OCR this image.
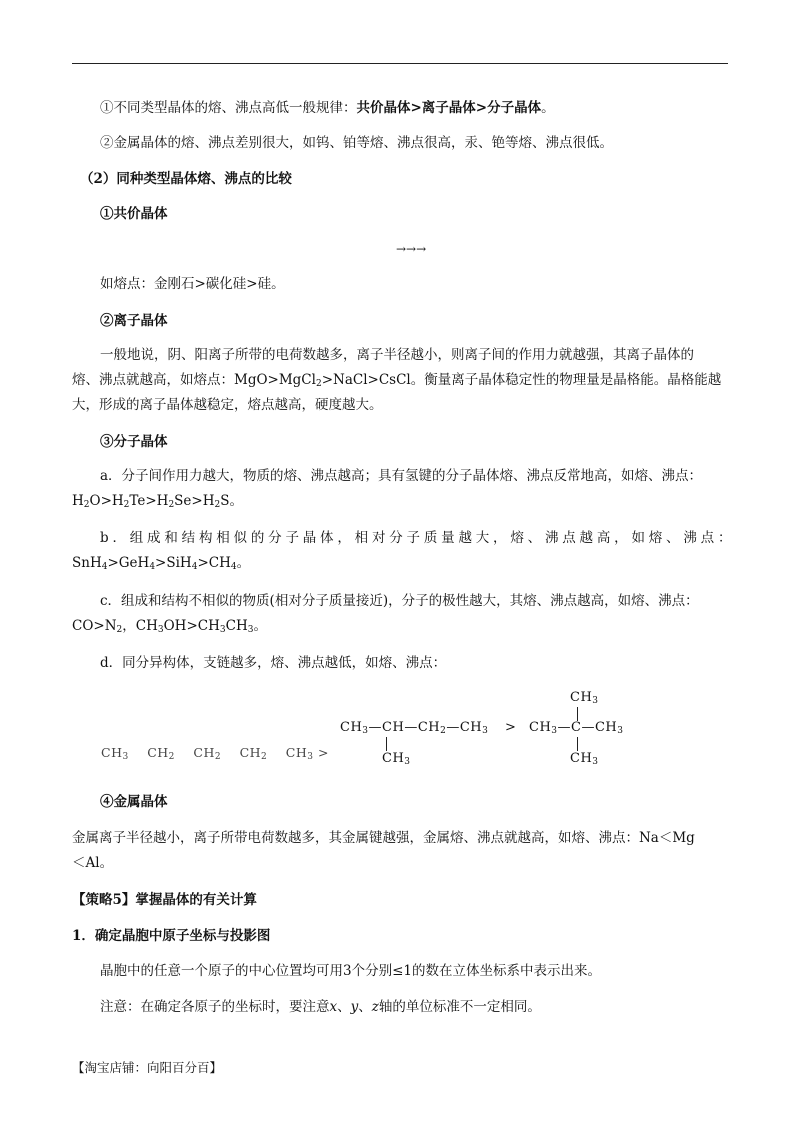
①不同类型晶体的熔、沸点高低一般规律：共价晶体>离子晶体>分子晶体。
②金属晶体的熔、沸点差别很大，如钨、铂等熔、沸点很高，汞、铯等熔、沸点很低。
（2）同种类型晶体熔、沸点的比较
①共价晶体
→→→
如熔点：金刚石>碳化硅>硅。
②离子晶体
一般地说，阴、阳离子所带的电荷数越多，离子半径越小，则离子间的作用力就越强，其离子晶体的
熔、沸点就越高，如熔点：MgO>MgCl$_2$>NaCl>CsCl。衡量离子晶体稳定性的物理量是晶格能。晶格能越
大，形成的离子晶体越稳定，熔点越高，硬度越大。
③分子晶体
a．分子间作用力越大，物质的熔、沸点越高；具有氢键的分子晶体熔、沸点反常地高，如熔、沸点：
$H_2O>H_2Te>H_2Se>H_2S$。
b．组成和结构相似的分子晶体，相对分子质量越大，熔、沸点越高，如熔、沸点：
$SnH_4>GeH_4>SiH_4>CH_4$。
c．组成和结构不相似的物质(相对分子质量接近)，分子的极性越大，其熔、沸点越高，如熔、沸点：
$CO>N_2$，$CH_3OH>CH_3CH_3$。
d．同分异构体，支链越多，熔、沸点越低，如熔、沸点：
$CH_3$ $CH_2$ $CH_2$ $CH_2$ $CH_3$ >
$CH_3—CH—CH_2—CH_3$
$CH_3$
>
$CH_3$
$CH_3—C—CH_3$
$CH_3$
④金属晶体
金属离子半径越小，离子所带电荷数越多，其金属键越强，金属熔、沸点就越高，如熔、沸点：Na＜Mg
＜Al。
【策略5】掌握晶体的有关计算
1．确定晶胞中原子坐标与投影图
晶胞中的任意一个原子的中心位置均可用3个分别≤1的数在立体坐标系中表示出来。
注意：在确定各原子的坐标时，要注意x、y、z轴的单位标准不一定相同。
【淘宝店铺：向阳百分百】
